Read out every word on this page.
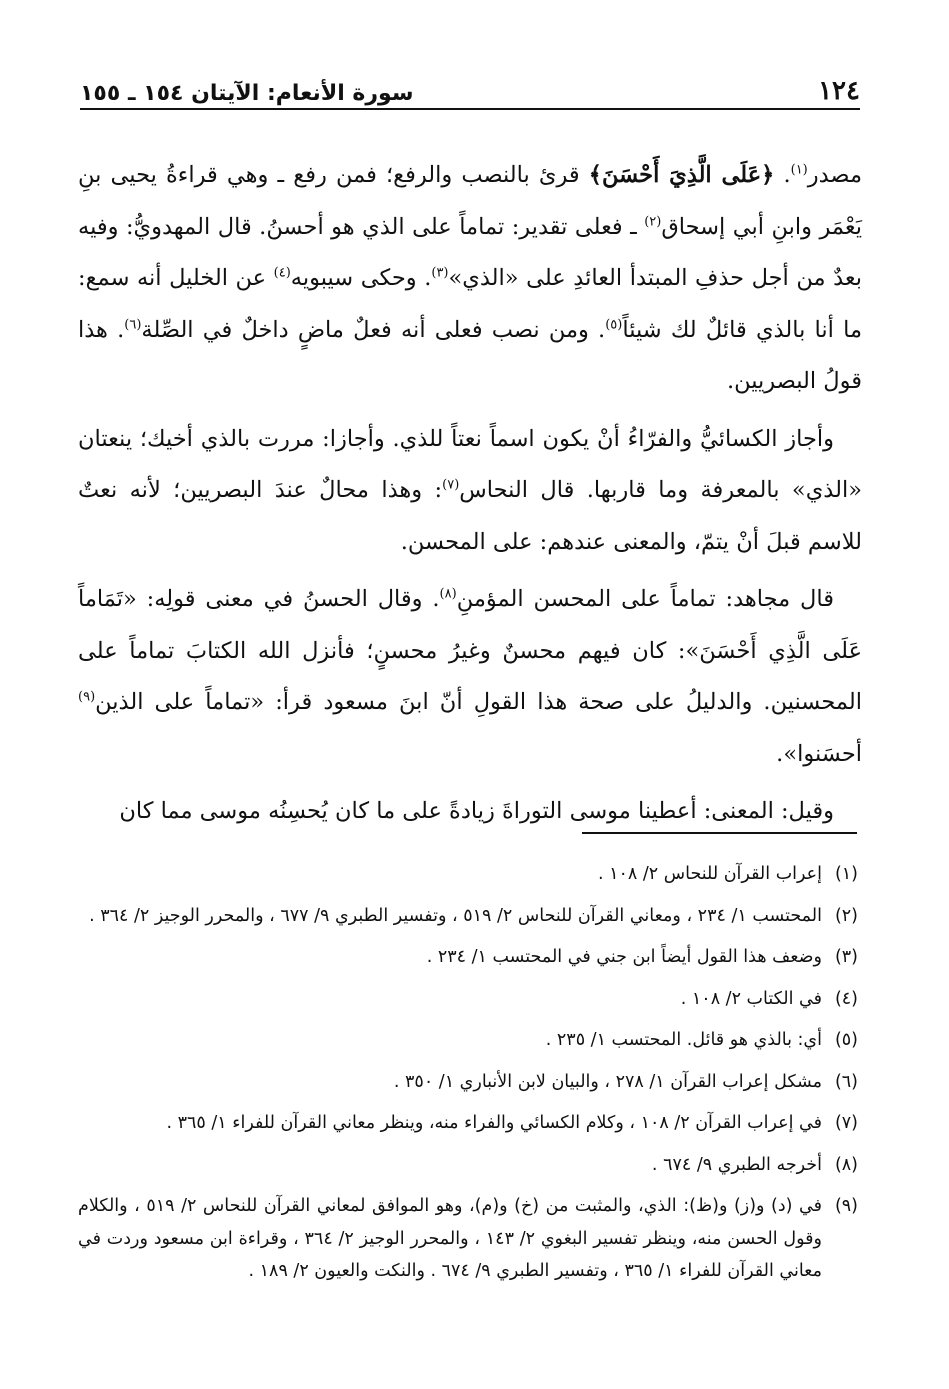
١٢٤
سورة الأنعام: الآيتان ١٥٤ ـ ١٥٥

مصدر$^{(١)}$. ﴿عَلَى الَّذِيَ أَحْسَنَ﴾ قرئ بالنصب والرفع؛ فمن رفع ـ وهي قراءةُ يحيى بنِ يَعْمَر وابنِ أبي إسحاق$^{(٢)}$ ـ فعلى تقدير: تماماً على الذي هو أحسنُ. قال المهدويُّ: وفيه بعدٌ من أجل حذفِ المبتدأ العائدِ على «الذي»$^{(٣)}$. وحكى سيبويه$^{(٤)}$ عن الخليل أنه سمع: ما أنا بالذي قائلٌ لك شيئاً$^{(٥)}$. ومن نصب فعلى أنه فعلٌ ماضٍ داخلٌ في الصِّلة$^{(٦)}$. هذا قولُ البصريين.

وأجاز الكسائيُّ والفرّاءُ أنْ يكون اسماً نعتاً للذي. وأجازا: مررت بالذي أخيك؛ ينعتان «الذي» بالمعرفة وما قاربها. قال النحاس$^{(٧)}$: وهذا محالٌ عندَ البصريين؛ لأنه نعتٌ للاسم قبلَ أنْ يتمّ، والمعنى عندهم: على المحسن.

قال مجاهد: تماماً على المحسن المؤمنِ$^{(٨)}$. وقال الحسنُ في معنى قولِه: «تَمَاماً عَلَى الَّذِي أَحْسَنَ»: كان فيهم محسنٌ وغيرُ محسنٍ؛ فأنزل الله الكتابَ تماماً على المحسنين. والدليلُ على صحة هذا القولِ أنّ ابنَ مسعود قرأ: «تماماً على الذين$^{(٩)}$ أحسَنوا».

وقيل: المعنى: أعطينا موسى التوراةَ زيادةً على ما كان يُحسِنُه موسى مما كان

(١)
إعراب القرآن للنحاس ٢/ ١٠٨ .
(٢)
المحتسب ١/ ٢٣٤ ، ومعاني القرآن للنحاس ٢/ ٥١٩ ، وتفسير الطبري ٩/ ٦٧٧ ، والمحرر الوجيز ٢/ ٣٦٤ .
(٣)
وضعف هذا القول أيضاً ابن جني في المحتسب ١/ ٢٣٤ .
(٤)
في الكتاب ٢/ ١٠٨ .
(٥)
أي: بالذي هو قائل. المحتسب ١/ ٢٣٥ .
(٦)
مشكل إعراب القرآن ١/ ٢٧٨ ، والبيان لابن الأنباري ١/ ٣٥٠ .
(٧)
في إعراب القرآن ٢/ ١٠٨ ، وكلام الكسائي والفراء منه، وينظر معاني القرآن للفراء ١/ ٣٦٥ .
(٨)
أخرجه الطبري ٩/ ٦٧٤ .
(٩)
في (د) و(ز) و(ظ): الذي، والمثبت من (خ) و(م)، وهو الموافق لمعاني القرآن للنحاس ٢/ ٥١٩ ، والكلام وقول الحسن منه، وينظر تفسير البغوي ٢/ ١٤٣ ، والمحرر الوجيز ٢/ ٣٦٤ ، وقراءة ابن مسعود وردت في معاني القرآن للفراء ١/ ٣٦٥ ، وتفسير الطبري ٩/ ٦٧٤ . والنكت والعيون ٢/ ١٨٩ .
